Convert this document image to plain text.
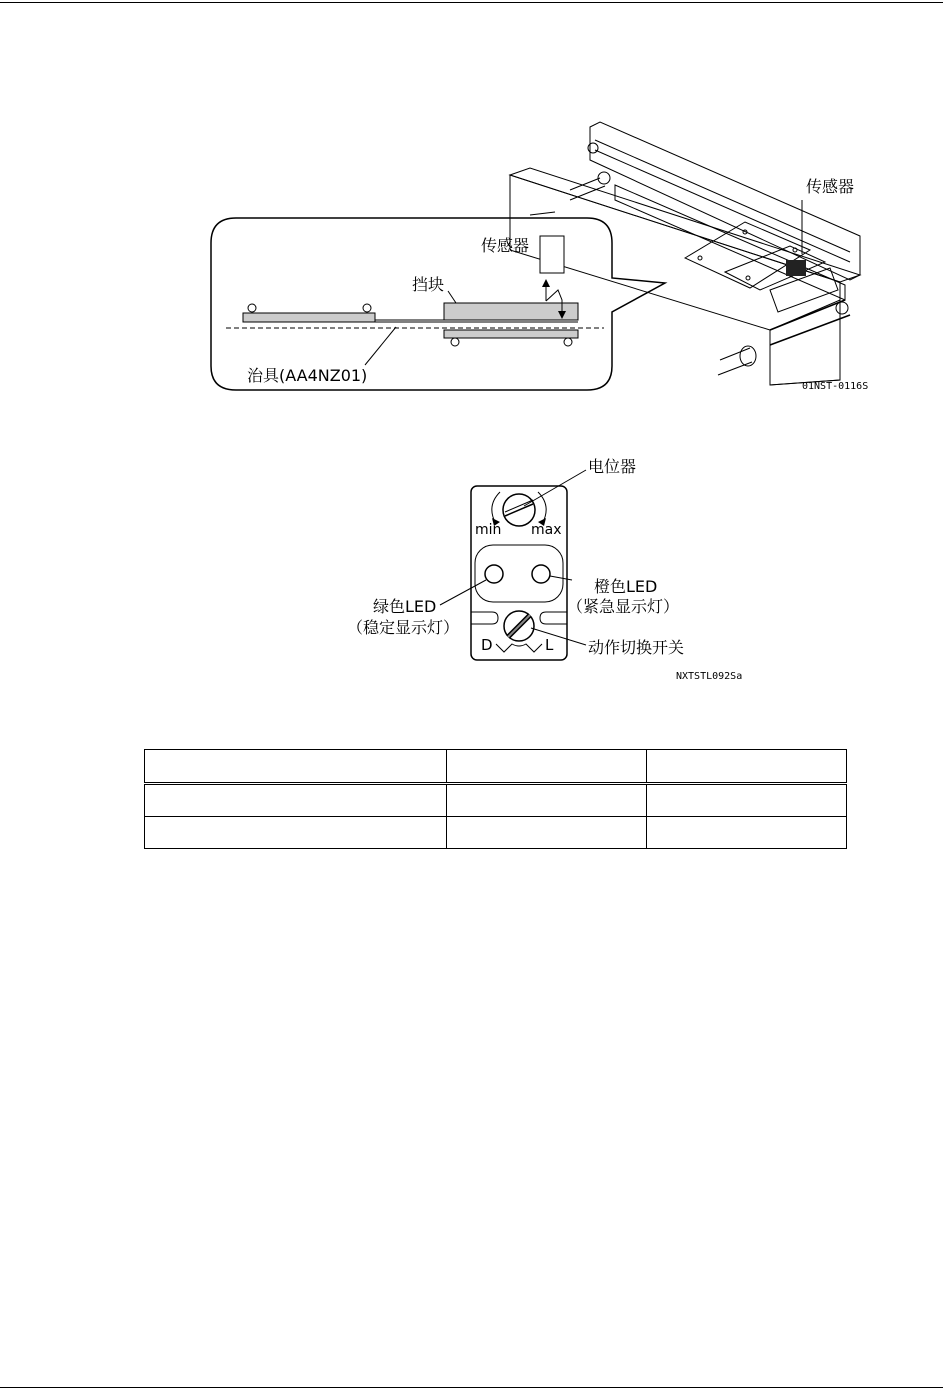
传感器
挡块
治具(AA4NZ01)
传感器
01NST-0116S
min max
D	L
电位器
橙色LED
（紧急显示灯）
绿色LED
（稳定显示灯）
动作切换开关
NXTSTL092Sa
